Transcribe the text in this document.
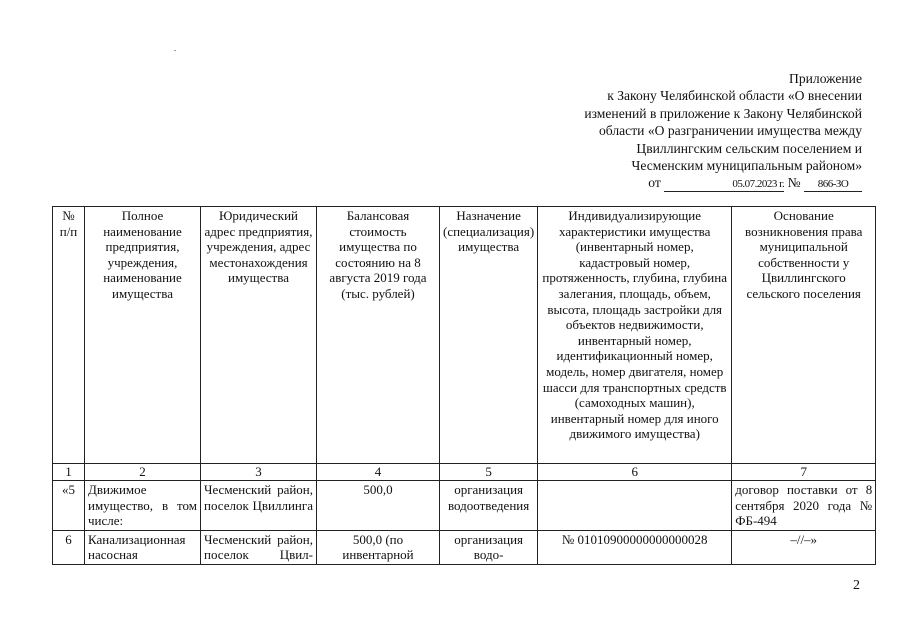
Приложение
к Закону Челябинской области «О внесении
изменений в приложение к Закону Челябинской
области «О разграничении имущества между
Цвиллингским сельским поселением и
Чесменским муниципальным районом»
от	05.07.2023 г. № 866-ЗО
№ п/п	Полное наименование предприятия, учреждения, наименование имущества	Юридический адрес предприятия, учреждения, адрес местонахождения имущества	Балансовая стоимость имущества по состоянию на 8 августа 2019 года (тыс. рублей)	Назначение (специализация) имущества	Индивидуализирующие характеристики имущества (инвентарный номер, кадастровый номер, протяженность, глубина, глубина залегания, площадь, объем, высота, площадь застройки для объектов недвижимости, инвентарный номер, идентификационный номер, модель, номер двигателя, номер шасси для транспортных средств (самоходных машин), инвентарный номер для иного движимого имущества)	Основание возникновения права муниципальной собственности у Цвиллингского сельского поселения
1	2	3	4	5	6	7
«5	Движимое имущество, в том числе:	Чесменский район, поселок Цвиллинга	500,0	организация водоотведения		договор поставки от 8 сентября 2020 года № ФБ-494
6	Канализационная насосная	Чесменский район, поселок Цвил-	500,0 (по инвентарной	организация водо-	№ 01010900000000000028	–//–»
2
